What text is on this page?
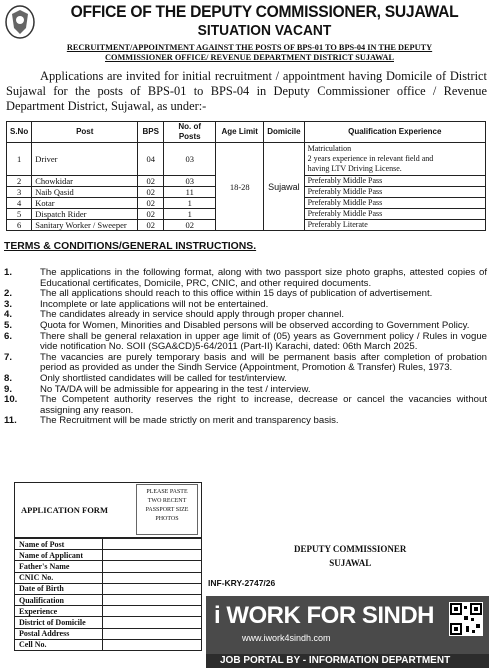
OFFICE OF THE DEPUTY COMMISSIONER, SUJAWAL
SITUATION VACANT
RECRUITMENT/APPOINTMENT AGAINST THE POSTS OF BPS-01 TO BPS-04 IN THE DEPUTY
COMMISSIONER OFFICE/ REVENUE DEPARTMENT DISTRICT SUJAWAL
Applications are invited for initial recruitment / appointment having Domicile of District Sujawal for the posts of BPS-01 to BPS-04 in Deputy Commissioner office / Revenue Department District, Sujawal, as under:-
S.No	Post	BPS	No. of Posts	Age Limit	Domicile	Qualification Experience
1	Driver	04	03	18-28	Sujawal	Matriculation
2 years experience in relevant field and
having LTV Driving License.

2	Chowkidar	02	03			Preferably Middle Pass
3	Naib Qasid	02	11			Preferably Middle Pass
4	Kotar	02	1			Preferably Middle Pass
5	Dispatch Rider	02	1			Preferably Middle Pass
6	Sanitary Worker / Sweeper	02	02			Preferably Literate
TERMS & CONDITIONS/GENERAL INSTRUCTIONS.
1.	The applications in the following format, along with two passport size photo graphs, attested copies of Educational certificates, Domicile, PRC, CNIC, and other required documents.
2.	The all applications should reach to this office within 15 days of publication of advertisement.
3.	Incomplete or late applications will not be entertained.
4.	The candidates already in service should apply through proper channel.
5.	Quota for Women, Minorities and Disabled persons will be observed according to Government Policy.
6.	There shall be general relaxation in upper age limit of (05) years as Government policy / Rules in vogue vide notification No. SOII (SGA&CD)5-64/2011 (Part-II) Karachi, dated: 06th March 2025.
7.	The vacancies are purely temporary basis and will be permanent basis after completion of probation period as provided as under the Sindh Service (Appointment, Promotion & Transfer) Rules, 1973.
8.	Only shortlisted candidates will be called for test/interview.
9.	No TA/DA will be admissible for appearing in the test / interview.
10.	The Competent authority reserves the right to increase, decrease or cancel the vacancies without assigning any reason.
11.	The Recruitment will be made strictly on merit and transparency basis.
APPLICATION FORM
PLEASE PASTE
TWO RECENT
PASSPORT SIZE
PHOTOS
Name of Post	
Name of Applicant	
Father's Name	
CNIC No.	
Date of Birth	
Qualification	
Experience	
District of Domicile	
Postal Address	
Cell No.	
DEPUTY COMMISSIONER
SUJAWAL
INF-KRY-2747/26
i WORK FOR SINDH
www.iwork4sindh.com
JOB PORTAL BY - INFORMATION DEPARTMENT
